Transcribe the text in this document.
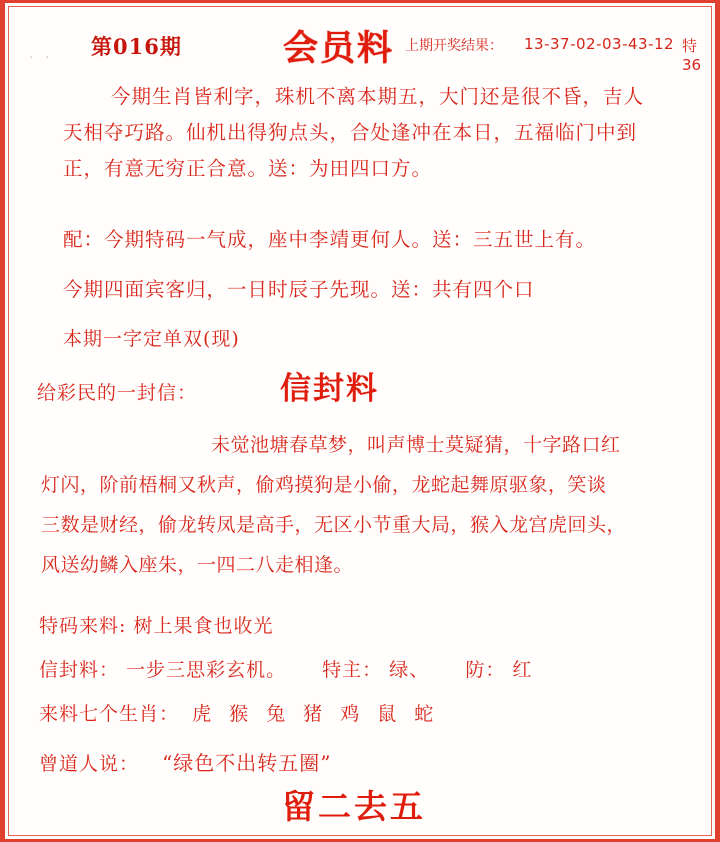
. . 第016期	会员料 上期开奖结果： 13-37-02-03-43-12 特36
今期生肖皆利字，珠机不离本期五，大门还是很不昏，吉人
天相夺巧路。仙机出得狗点头，合处逢冲在本日，五福临门中到
正，有意无穷正合意。送：为田四口方。
配：今期特码一气成，座中李靖更何人。送：三五世上有。
今期四面宾客归，一日时辰子先现。送：共有四个口
本期一字定单双(现)
信封料
给彩民的一封信：
未觉池塘春草梦，叫声博士莫疑猜，十字路口红
灯闪，阶前梧桐又秋声，偷鸡摸狗是小偷，龙蛇起舞原驱象，笑谈
三数是财经，偷龙转凤是高手，无区小节重大局，猴入龙宫虎回头，
风送幼鳞入座朱，一四二八走相逢。
特码来料: 树上果食也收光
信封料： 一步三思彩玄机。 特主： 绿、 防： 红
来料七个生肖： 虎 猴 兔 猪 鸡 鼠 蛇
曾道人说： “绿色不出转五圈”
留二去五
